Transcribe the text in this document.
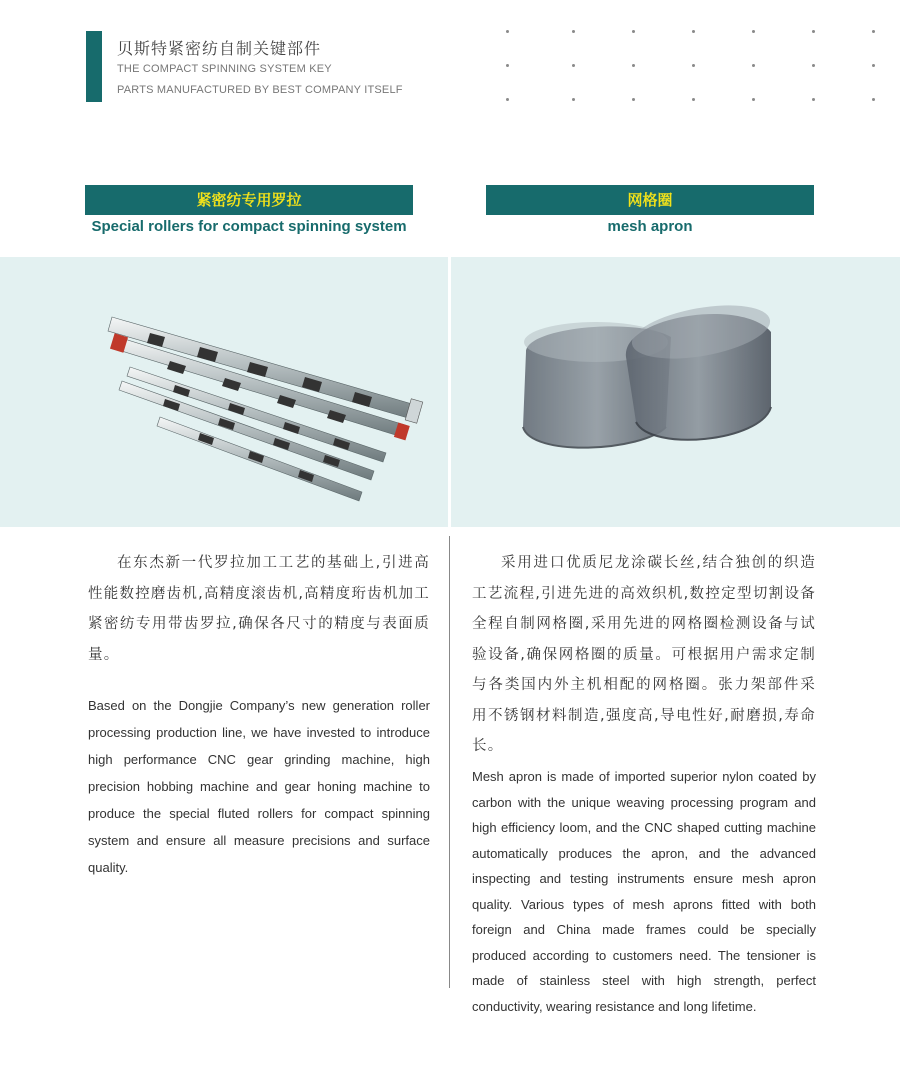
贝斯特紧密纺自制关键部件
THE COMPACT SPINNING SYSTEM KEY
PARTS MANUFACTURED BY BEST COMPANY ITSELF
紧密纺专用罗拉	网格圈
Special rollers for compact spinning system	mesh apron
在东杰新一代罗拉加工工艺的基础上,引进高性能数控磨齿机,高精度滚齿机,高精度珩齿机加工紧密纺专用带齿罗拉,确保各尺寸的精度与表面质量。
Based on the Dongjie Company’s new generation roller processing production line, we have invested to introduce high performance CNC gear grinding machine, high precision hobbing machine and gear honing machine to produce the special fluted rollers for compact spinning system and ensure all measure precisions and surface quality.
采用进口优质尼龙涂碳长丝,结合独创的织造工艺流程,引进先进的高效织机,数控定型切割设备全程自制网格圈,采用先进的网格圈检测设备与试验设备,确保网格圈的质量。可根据用户需求定制与各类国内外主机相配的网格圈。张力架部件采用不锈钢材料制造,强度高,导电性好,耐磨损,寿命长。
Mesh apron is made of imported superior nylon coated by carbon with the unique weaving processing program and high efficiency loom, and the CNC shaped cutting machine automatically produces the apron, and the advanced inspecting and testing instruments ensure mesh apron quality. Various types of mesh aprons fitted with both foreign and China made frames could be specially produced according to customers need. The tensioner is made of stainless steel with high strength, perfect conductivity, wearing resistance and long lifetime.
